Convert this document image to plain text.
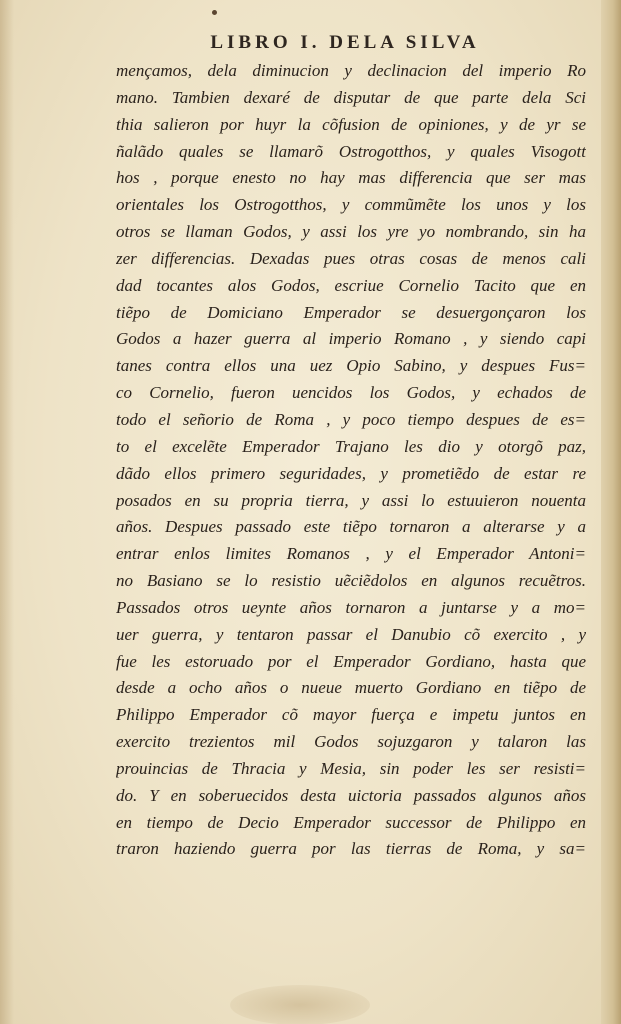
LIBRO I. DELA SILVA
mençamos, dela diminucion y declinacion del imperio Ro
mano. Tambien dexaré de disputar de que parte dela Sci
thia salieron por huyr la cõfusion de opiniones, y de yr se
ñalãdo quales se llamarõ Ostrogotthos, y quales Visogott
hos , porque enesto no hay mas differencia que ser mas
orientales los Ostrogotthos, y commũmẽte los unos y los
otros se llaman Godos, y assi los yre yo nombrando, sin ha
zer differencias. Dexadas pues otras cosas de menos cali
dad tocantes alos Godos, escriue Cornelio Tacito que en
tiẽpo de Domiciano Emperador se desuergonçaron los
Godos a hazer guerra al imperio Romano , y siendo capi
tanes contra ellos una uez Opio Sabino, y despues Fus=
co Cornelio, fueron uencidos los Godos, y echados de
todo el señorio de Roma , y poco tiempo despues de es=
to el excelẽte Emperador Trajano les dio y otorgõ paz,
dãdo ellos primero seguridades, y prometiẽdo de estar re
posados en su propria tierra, y assi lo estuuieron nouenta
años. Despues passado este tiẽpo tornaron a alterarse y a
entrar enlos limites Romanos , y el Emperador Antoni=
no Basiano se lo resistio uẽciẽdolos en algunos recuẽtros.
Passados otros ueynte años tornaron a juntarse y a mo=
uer guerra, y tentaron passar el Danubio cõ exercito , y
fue les estoruado por el Emperador Gordiano, hasta que
desde a ocho años o nueue muerto Gordiano en tiẽpo de
Philippo Emperador cõ mayor fuerça e impetu juntos en
exercito trezientos mil Godos sojuzgaron y talaron las
prouincias de Thracia y Mesia, sin poder les ser resisti=
do. Y en soberuecidos desta uictoria passados algunos años
en tiempo de Decio Emperador successor de Philippo en
traron haziendo guerra por las tierras de Roma, y sa=
